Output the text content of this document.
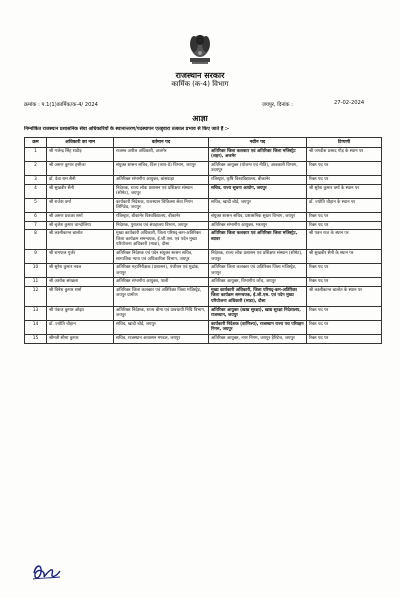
राजस्थान सरकार
कार्मिक (क-4) विभाग
क्रमांक : प.1(1)कार्मिक/क-4/ 2024	जयपुर, दिनांक :	27-02-2024
आज्ञा
निम्नांकित राजस्थान प्रशासनिक सेवा अधिकारियों के स्थानान्तरण/पदस्थापन एतद्द्वारा तत्काल प्रभाव से किए जाते हैं :-
क्रम	अधिकारी का नाम	वर्तमान पद	नवीन पद	टिप्पणी
1	श्री गजेन्द्र सिंह राठौड़	राजस्व अपील अधिकारी, अजमेर	अतिरिक्त जिला कलक्टर एवं अतिरिक्त जिला मजिस्ट्रेट (शहर), अजमेर	श्री जगदीश प्रसाद गौड़ के स्थान पर
2	श्री अरुण कुमार हसीजा	संयुक्त शासन सचिव, वित्त (व्यय-II) विभाग, जयपुर	अतिरिक्त आयुक्त (योजना एवं नीति), आबकारी विभाग, उदयपुर	रिक्त पद पर
3	डॉ. देवा राम सैनी	अतिरिक्त संभागीय आयुक्त, बांसवाड़ा	रजिस्ट्रार, कृषि विश्वविद्यालय, बीकानेर	रिक्त पद पर
4	श्री सुखवीर सैनी	निदेशक, राज्य लोक प्रशासन एवं प्रशिक्षण संस्थान (सीमेट), जयपुर	सचिव, राज्य सूचना आयोग, जयपुर	श्री सुरेश कुमार वर्मा के स्थान पर
5	श्री राजेश वर्मा	कार्यकारी निदेशक, राजस्थान चिकित्सा सेवा निगम लिमिटेड, जयपुर	सचिव, खादी बोर्ड, जयपुर	डॉ. ज्योति चौहान के स्थान पर
6	श्री अरुण प्रकाश शर्मा	रजिस्ट्रार, बीकानेर विश्वविद्यालय, बीकानेर	संयुक्त शासन सचिव, प्रशासनिक सुधार विभाग, जयपुर	रिक्त पद पर
7	श्री बृजेश कुमार चान्दोलिया	निदेशक, पुरातत्व एवं संग्रहालय विभाग, जयपुर	अतिरिक्त संभागीय आयुक्त, भरतपुर	रिक्त पद पर
8	श्री लक्ष्मीकान्त बालोत	मुख्य कार्यकारी अधिकारी, जिला परिषद्-कम-अतिरिक्त जिला कार्यक्रम समन्वयक, ई.जी.एस. एवं पदेन मुख्य परियोजना अधिकारी (माडा), दौसा	अतिरिक्त जिला कलक्टर एवं अतिरिक्त जिला मजिस्ट्रेट, ब्यावर	श्री पवन राज के स्थान पर
9	श्री रामपाल गुर्जर	अतिरिक्त निदेशक एवं पदेन संयुक्त शासन सचिव, सामाजिक न्याय एवं अधिकारिता विभाग, जयपुर	निदेशक, राज्य लोक प्रशासन एवं प्रशिक्षण संस्थान (सीमेट), जयपुर	श्री सुखवीर सैनी के स्थान पर
10	श्री सुरेश कुमार नवल	अतिरिक्त महानिरीक्षक (प्रशासन), पंजीयन एवं मुद्रांक, जयपुर	अतिरिक्त जिला कलक्टर एवं अतिरिक्त जिला मजिस्ट्रेट, जयपुर	रिक्त पद पर
11	श्री अशोक सांखला	अतिरिक्त संभागीय आयुक्त, पाली	अतिरिक्त आयुक्त, विभागीय जाँच, जयपुर	रिक्त पद पर
12	श्री विनेश कुमार शर्मा	अतिरिक्त जिला कलक्टर एवं अतिरिक्त जिला मजिस्ट्रेट, जयपुर ग्रामीण	मुख्य कार्यकारी अधिकारी, जिला परिषद्-कम-अतिरिक्त जिला कार्यक्रम समन्वयक, ई.जी.एस. एवं पदेन मुख्य परियोजना अधिकारी (माडा), दौसा	श्री लक्ष्मीकान्त बालोत के स्थान पर
13	श्री पंकज कुमार ओझा	अतिरिक्त निदेशक, राज्य बीमा एवं प्रावधायी निधि विभाग, जयपुर	अतिरिक्त आयुक्त (खाद्य सुरक्षा), खाद्य सुरक्षा निदेशालय, राजस्थान, जयपुर	रिक्त पद पर
14	डॉ. ज्योति चौहान	सचिव, खादी बोर्ड, जयपुर	कार्यकारी निदेशक (वाणिज्य), राजस्थान राज्य पथ परिवहन निगम, जयपुर	रिक्त पद पर
15	श्रीमती सीमा कुमार	सचिव, राजस्थान आवासन मण्डल, जयपुर	अतिरिक्त आयुक्त, नगर निगम, जयपुर हैरिटेज, जयपुर	रिक्त पद पर
